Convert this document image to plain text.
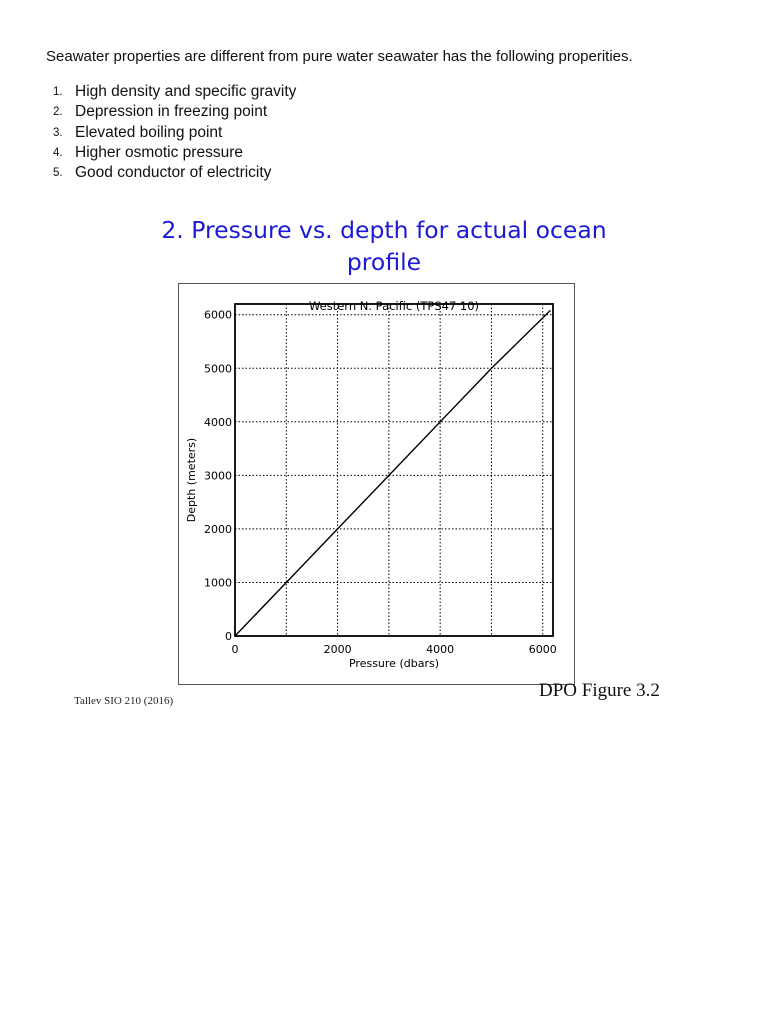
Seawater properties are different from pure water seawater has the following properities.
1. High density and specific gravity
2. Depression in freezing point
3. Elevated boiling point
4. Higher osmotic pressure
5. Good conductor of electricity
2. Pressure vs. depth for actual ocean
profile
Western N. Pacific (TPS47 10)
0	2000	4000	6000
0
1000
2000
3000
4000
5000
6000
Pressure (dbars)
Depth (meters)
Tallev SIO 210 (2016)	DPO Figure 3.2
